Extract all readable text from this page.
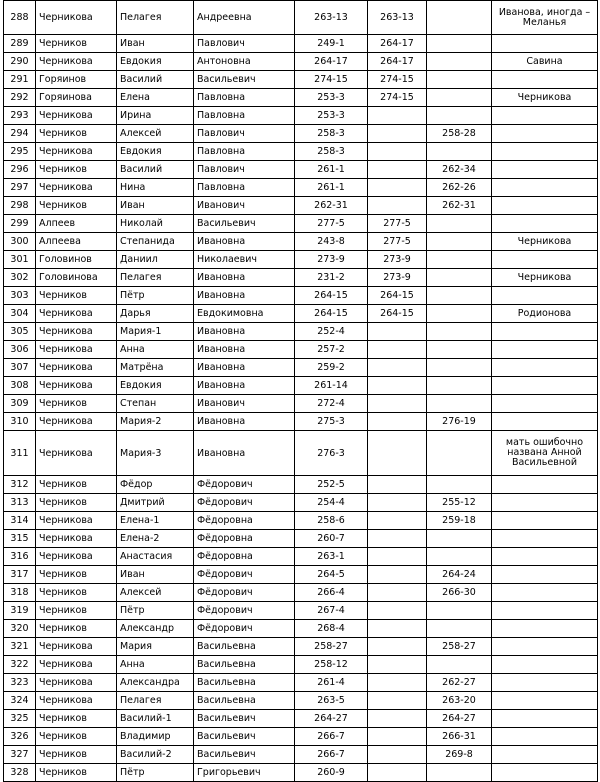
288	Черникова	Пелагея	Андреевна	263-13	263-13		Иванова, иногда – Меланья
289	Черников	Иван	Павлович	249-1	264-17		
290	Черникова	Евдокия	Антоновна	264-17	264-17		Савина
291	Горяинов	Василий	Васильевич	274-15	274-15		
292	Горяинова	Елена	Павловна	253-3	274-15		Черникова
293	Черникова	Ирина	Павловна	253-3			
294	Черников	Алексей	Павлович	258-3		258-28	
295	Черникова	Евдокия	Павловна	258-3			
296	Черников	Василий	Павлович	261-1		262-34	
297	Черникова	Нина	Павловна	261-1		262-26	
298	Черников	Иван	Иванович	262-31		262-31	
299	Алпеев	Николай	Васильевич	277-5	277-5		
300	Алпеева	Степанида	Ивановна	243-8	277-5		Черникова
301	Головинов	Даниил	Николаевич	273-9	273-9		
302	Головинова	Пелагея	Ивановна	231-2	273-9		Черникова
303	Черников	Пётр	Ивановна	264-15	264-15		
304	Черникова	Дарья	Евдокимовна	264-15	264-15		Родионова
305	Черникова	Мария-1	Ивановна	252-4			
306	Черникова	Анна	Ивановна	257-2			
307	Черникова	Матрёна	Ивановна	259-2			
308	Черникова	Евдокия	Ивановна	261-14			
309	Черников	Степан	Иванович	272-4			
310	Черникова	Мария-2	Ивановна	275-3		276-19	
311	Черникова	Мария-3	Ивановна	276-3			мать ошибочно названа Анной Васильевной
312	Черников	Фёдор	Фёдорович	252-5			
313	Черников	Дмитрий	Фёдорович	254-4		255-12	
314	Черникова	Елена-1	Фёдоровна	258-6		259-18	
315	Черникова	Елена-2	Фёдоровна	260-7			
316	Черникова	Анастасия	Фёдоровна	263-1			
317	Черников	Иван	Фёдорович	264-5		264-24	
318	Черников	Алексей	Фёдорович	266-4		266-30	
319	Черников	Пётр	Фёдорович	267-4			
320	Черников	Александр	Фёдорович	268-4			
321	Черникова	Мария	Васильевна	258-27		258-27	
322	Черникова	Анна	Васильевна	258-12			
323	Черникова	Александра	Васильевна	261-4		262-27	
324	Черникова	Пелагея	Васильевна	263-5		263-20	
325	Черников	Василий-1	Васильевич	264-27		264-27	
326	Черников	Владимир	Васильевич	266-7		266-31	
327	Черников	Василий-2	Васильевич	266-7		269-8	
328	Черников	Пётр	Григорьевич	260-9			
